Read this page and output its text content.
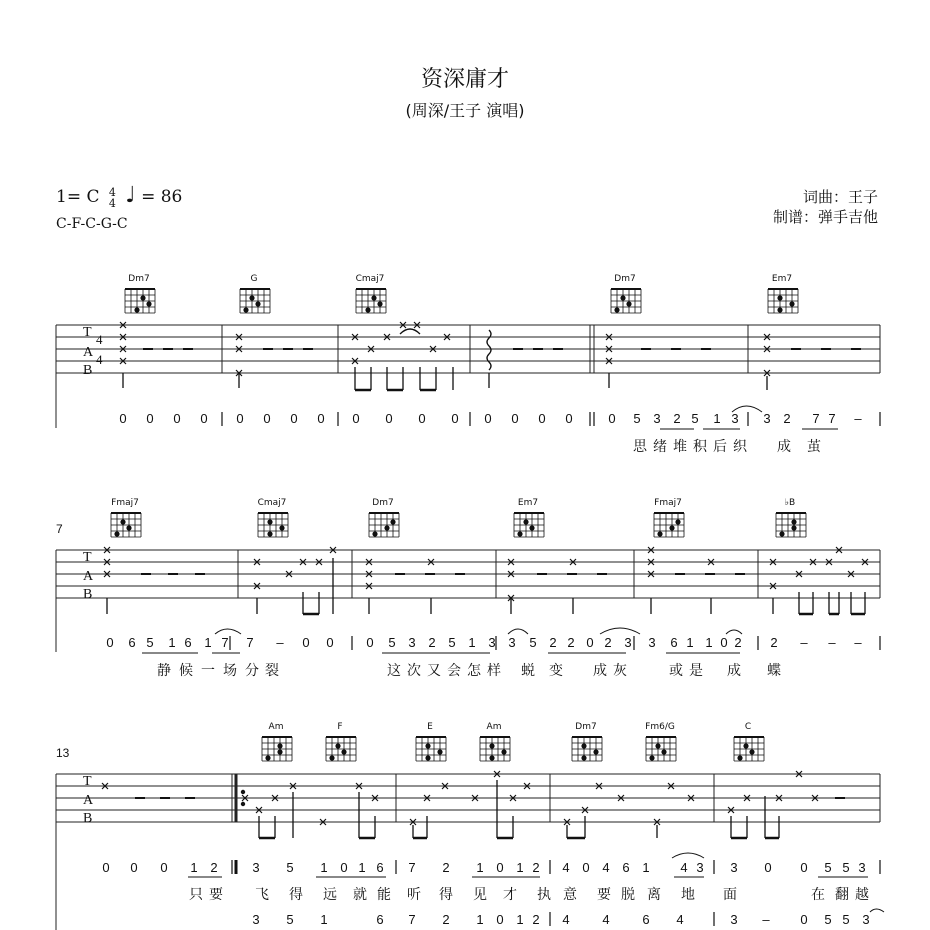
资深庸才
(周深/王子 演唱)
1= C 4
4 ♩ = 86
C-F-C-G-C
词曲：王子
制谱：弹手吉他
T
A
B
4
4
T
A
B
T
A
B
Dm7	G	Cmaj7	Dm7	Em7
Fmaj7	Cmaj7	Dm7	Em7	Fmaj7	♭B
Am	F	E	Am	Dm7	Fm6/G	C
7
13
0 0 0 0 0 0 0 0 0 0 0 0 0 0 0 0	0 5 3 2 5 1 3 3 2 7 7 –
思 绪 堆 积 后 织 成 茧
0 6 5 1 6 1 7 7 – 0 0	0 5 3 2 5 1 3 3 5 2 2 0 2 3 3 6 1 1 0 2 2 – – –
静 候 一 场 分 裂	这 次 又 会 怎 样 蜕 变 成 灰	或 是 成 蝶
0 0 0 1 2	3 5 1 0 1 6 7 2 1 0 1 2 4 0 4 6 1 4 3 3 0 0 5 5 3
只 要 飞 得 远 就 能 听 得 见 才 执 意 要 脱 离 地 面	在 翻 越
3 5 1	6 7 2 1 0 1 2 4	4	6 4	3 – 0 5 5 3
